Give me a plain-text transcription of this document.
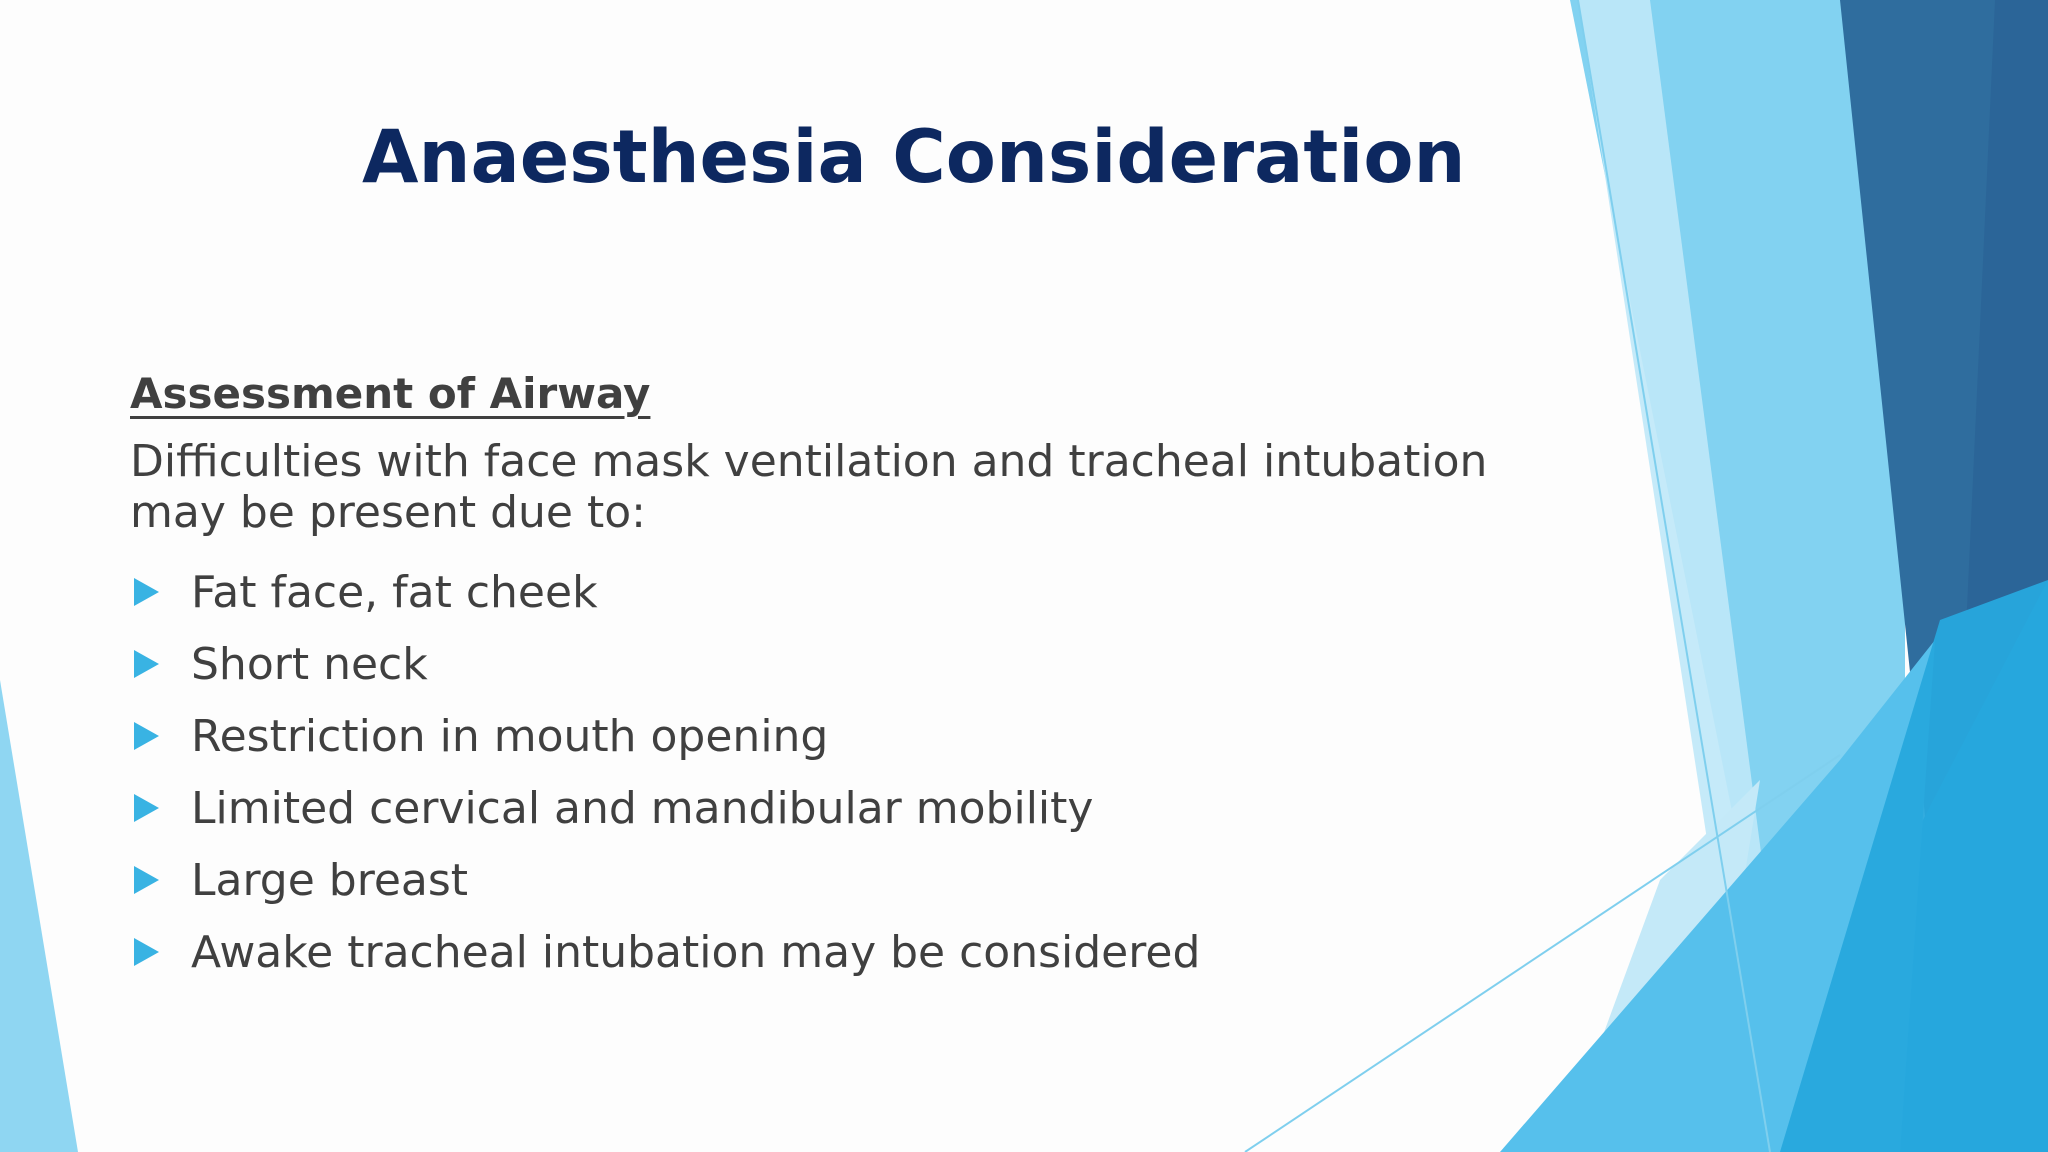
Anaesthesia Consideration

Assessment of Airway

Difficulties with face mask ventilation and tracheal intubation may be present due to:

Fat face, fat cheek
Short neck
Restriction in mouth opening
Limited cervical and mandibular mobility
Large breast
Awake tracheal intubation may be considered
